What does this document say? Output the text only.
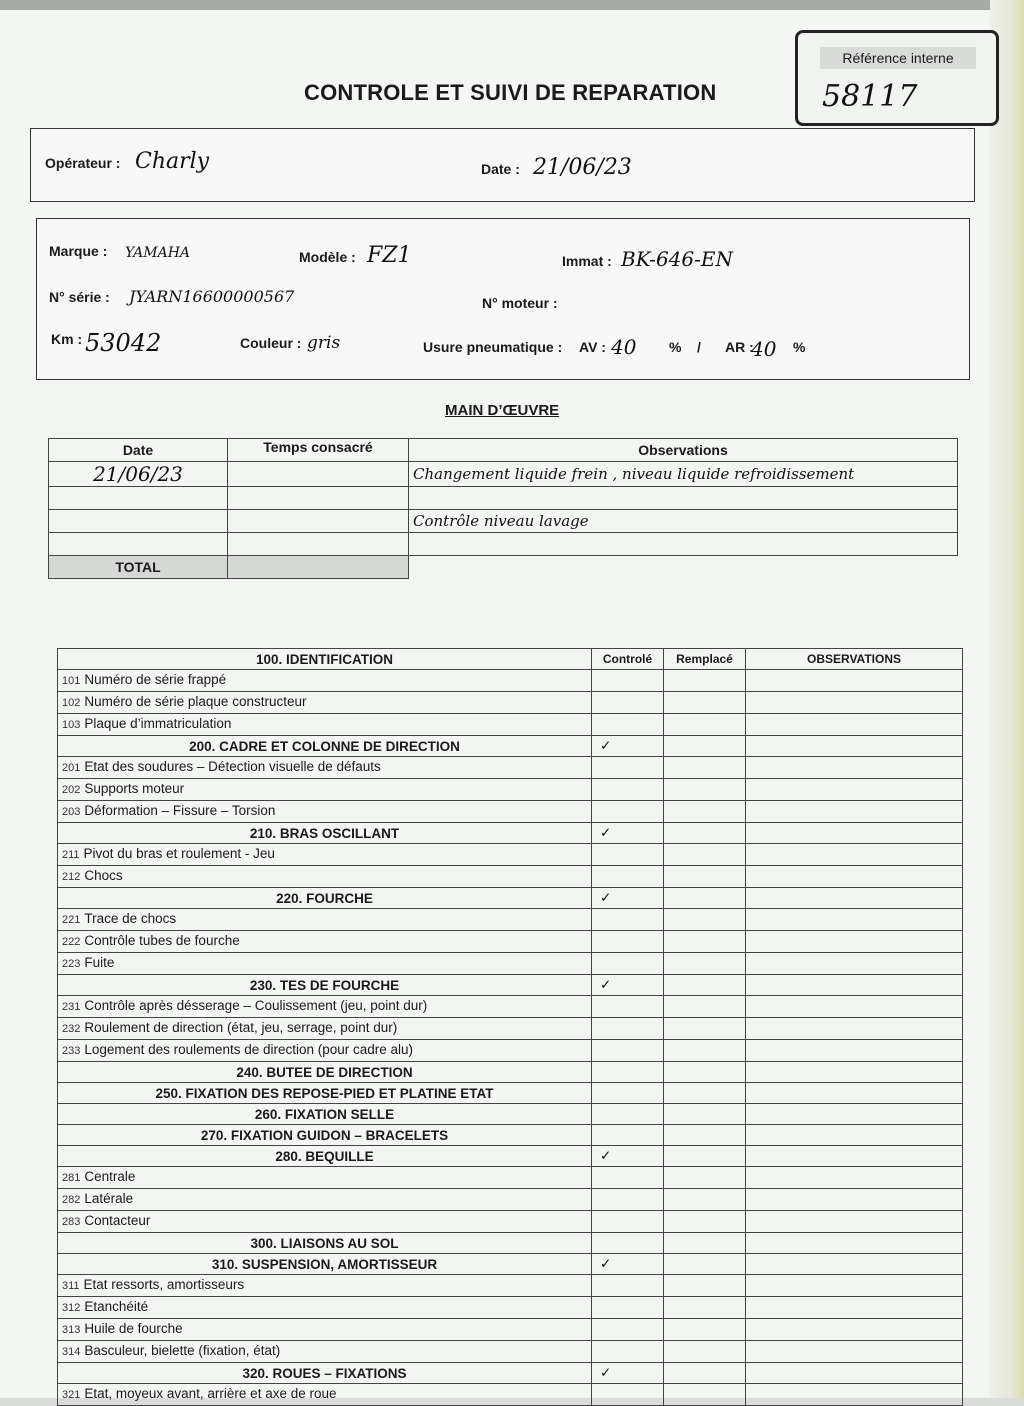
CONTROLE ET SUIVI DE REPARATION
Référence interne
58117
Opérateur : Charly	Date : 21/06/23
Marque : YAMAHA	Modèle : FZ1	Immat : BK-646-EN
N° série : JYARN16600000567	N° moteur :
Km : 53042	Couleur : gris	Usure pneumatique : AV : 40 % / AR :
40 %
MAIN D’ŒUVRE
Date	Temps consacré	Observations
21/06/23		Changement liquide frein , niveau liquide refroidissement

		Contrôle niveau lavage

TOTAL		
100. IDENTIFICATION	Controlé	Remplacé	OBSERVATIONS
101 Numéro de série frappé			
102 Numéro de série plaque constructeur			
103 Plaque d’immatriculation			
200. CADRE ET COLONNE DE DIRECTION	✓		
201 Etat des soudures – Détection visuelle de défauts			
202 Supports moteur			
203 Déformation – Fissure – Torsion			
210. BRAS OSCILLANT	✓		
211 Pivot du bras et roulement - Jeu			
212 Chocs			
220. FOURCHE	✓		
221 Trace de chocs			
222 Contrôle tubes de fourche			
223 Fuite			
230. TES DE FOURCHE	✓		
231 Contrôle après désserage – Coulissement (jeu, point dur)			
232 Roulement de direction (état, jeu, serrage, point dur)			
233 Logement des roulements de direction (pour cadre alu)			
240. BUTEE DE DIRECTION			
250. FIXATION DES REPOSE-PIED ET PLATINE ETAT			
260. FIXATION SELLE			
270. FIXATION GUIDON – BRACELETS			
280. BEQUILLE	✓		
281 Centrale			
282 Latérale			
283 Contacteur			
300. LIAISONS AU SOL			
310. SUSPENSION, AMORTISSEUR	✓		
311 Etat ressorts, amortisseurs			
312 Etanchéité			
313 Huile de fourche			
314 Basculeur, bielette (fixation, état)			
320. ROUES – FIXATIONS	✓		
321 Etat, moyeux avant, arrière et axe de roue			
